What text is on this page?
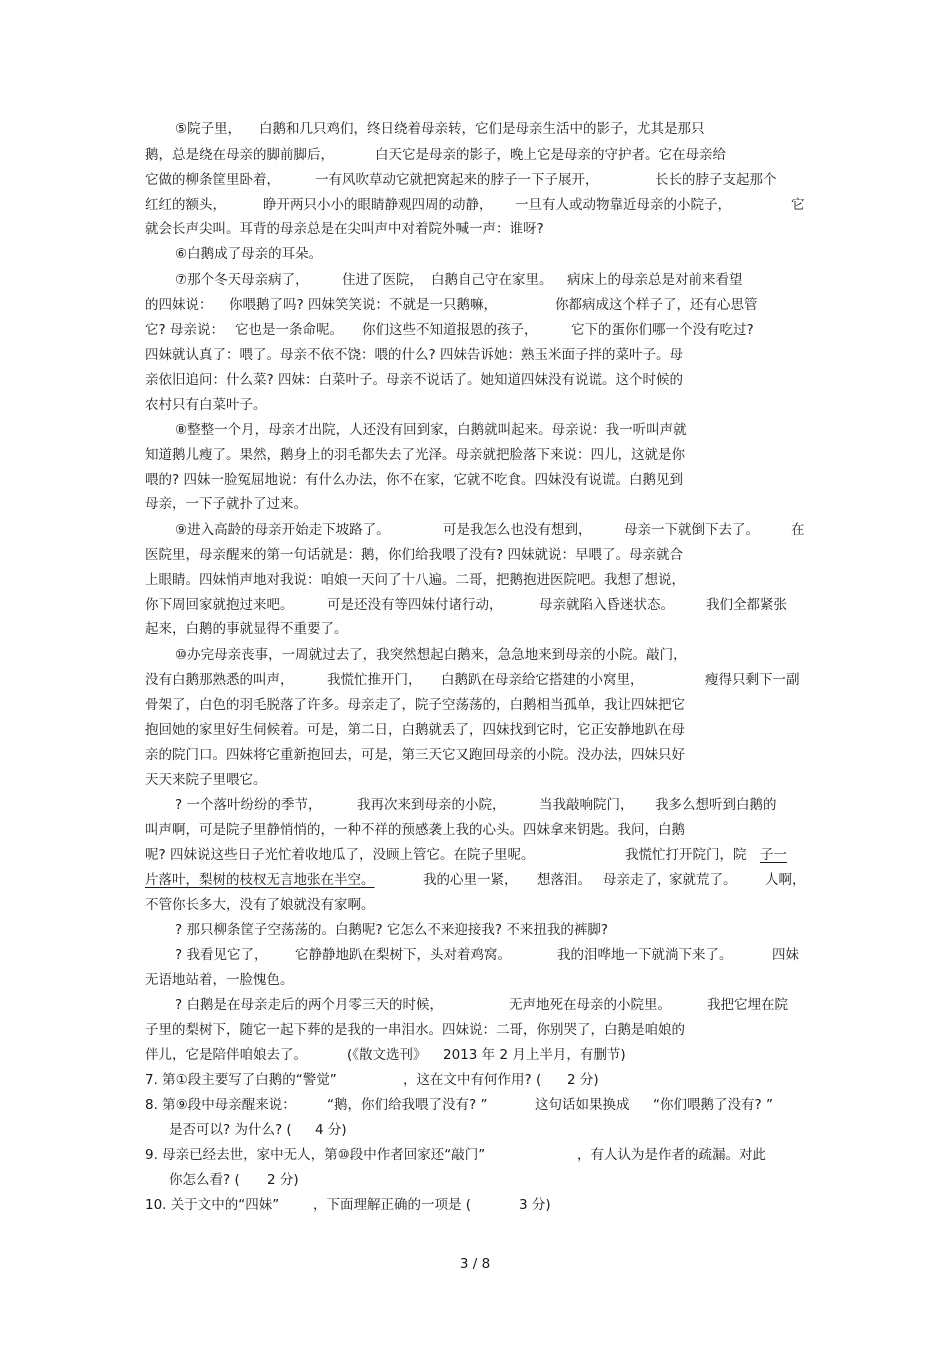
⑤院子里， 白鹅和几只鸡们，终日绕着母亲转，它们是母亲生活中的影子，尤其是那只
鹅，总是绕在母亲的脚前脚后，	白天它是母亲的影子，晚上它是母亲的守护者。它在母亲给
它做的柳条筐里卧着，	一有风吹草动它就把窝起来的脖子一下子展开，	长长的脖子支起那个
红红的额头，	睁开两只小小的眼睛静观四周的动静， 一旦有人或动物靠近母亲的小院子，	它
就会长声尖叫。耳背的母亲总是在尖叫声中对着院外喊一声：谁呀?
⑥白鹅成了母亲的耳朵。
⑦那个冬天母亲病了， 住进了医院， 白鹅自己守在家里。 病床上的母亲总是对前来看望
的四妹说： 你喂鹅了吗? 四妹笑笑说：不就是一只鹅嘛，	你都病成这个样子了，还有心思管
它? 母亲说： 它也是一条命呢。 你们这些不知道报恩的孩子， 它下的蛋你们哪一个没有吃过?
四妹就认真了：喂了。母亲不依不饶：喂的什么? 四妹告诉她：熟玉米面子拌的菜叶子。母
亲依旧追问：什么菜? 四妹：白菜叶子。母亲不说话了。她知道四妹没有说谎。这个时候的
农村只有白菜叶子。
⑧整整一个月，母亲才出院，人还没有回到家，白鹅就叫起来。母亲说：我一听叫声就
知道鹅儿瘦了。果然，鹅身上的羽毛都失去了光泽。母亲就把脸落下来说：四儿，这就是你
喂的? 四妹一脸冤屈地说：有什么办法，你不在家，它就不吃食。四妹没有说谎。白鹅见到
母亲，一下子就扑了过来。
⑨进入高龄的母亲开始走下坡路了。	可是我怎么也没有想到， 母亲一下就倒下去了。 在
医院里，母亲醒来的第一句话就是：鹅，你们给我喂了没有? 四妹就说：早喂了。母亲就合
上眼睛。四妹悄声地对我说：咱娘一天问了十八遍。二哥，把鹅抱进医院吧。我想了想说，
你下周回家就抱过来吧。 可是还没有等四妹付诸行动，	母亲就陷入昏迷状态。 我们全都紧张
起来，白鹅的事就显得不重要了。
⑩办完母亲丧事，一周就过去了，我突然想起白鹅来，急急地来到母亲的小院。敲门，
没有白鹅那熟悉的叫声， 我慌忙推开门， 白鹅趴在母亲给它搭建的小窝里，	瘦得只剩下一副
骨架了，白色的羽毛脱落了许多。母亲走了，院子空荡荡的，白鹅相当孤单，我让四妹把它
抱回她的家里好生伺候着。可是，第二日，白鹅就丢了，四妹找到它时，它正安静地趴在母
亲的院门口。四妹将它重新抱回去，可是，第三天它又跑回母亲的小院。没办法，四妹只好
天天来院子里喂它。
? 一个落叶纷纷的季节，	我再次来到母亲的小院， 当我敲响院门， 我多么想听到白鹅的
叫声啊，可是院子里静悄悄的，一种不祥的预感袭上我的心头。四妹拿来钥匙。我问，白鹅
呢? 四妹说这些日子光忙着收地瓜了，没顾上管它。在院子里呢。	我慌忙打开院门，院 子一
片落叶，梨树的枝杈无言地张在半空。	我的心里一紧， 想落泪。 母亲走了，
家就荒了。 人啊，
不管你长多大，没有了娘就没有家啊。
? 那只柳条筐子空荡荡的。白鹅呢? 它怎么不来迎接我? 不来扭我的裤脚?
? 我看见它了， 它静静地趴在梨树下，头对着鸡窝。	我的泪哗地一下就淌下来了。	四妹
无语地站着，一脸愧色。
? 白鹅是在母亲走后的两个月零三天的时候，	无声地死在母亲的小院里。	我把它埋在院
子里的梨树下，随它一起下葬的是我的一串泪水。四妹说：二哥，你别哭了，白鹅是咱娘的
伴儿，它是陪伴咱娘去了。	(《散文选刊》 2013 年 2 月上半月，有删节)
7. 第①段主要写了白鹅的“警觉”	，这在文中有何作用? ( 2 分)
8. 第⑨段中母亲醒来说： “鹅，你们给我喂了没有? ”	这句话如果换成 “你们喂鹅了没有? ”
是否可以? 为什么? ( 4 分)
9. 母亲已经去世，家中无人，第⑩段中作者回家还“敲门”	，有人认为是作者的疏漏。对此
你怎么看? ( 2 分)
10. 关于文中的“四妹”	，下面理解正确的一项是 (	3 分)
3 / 8
